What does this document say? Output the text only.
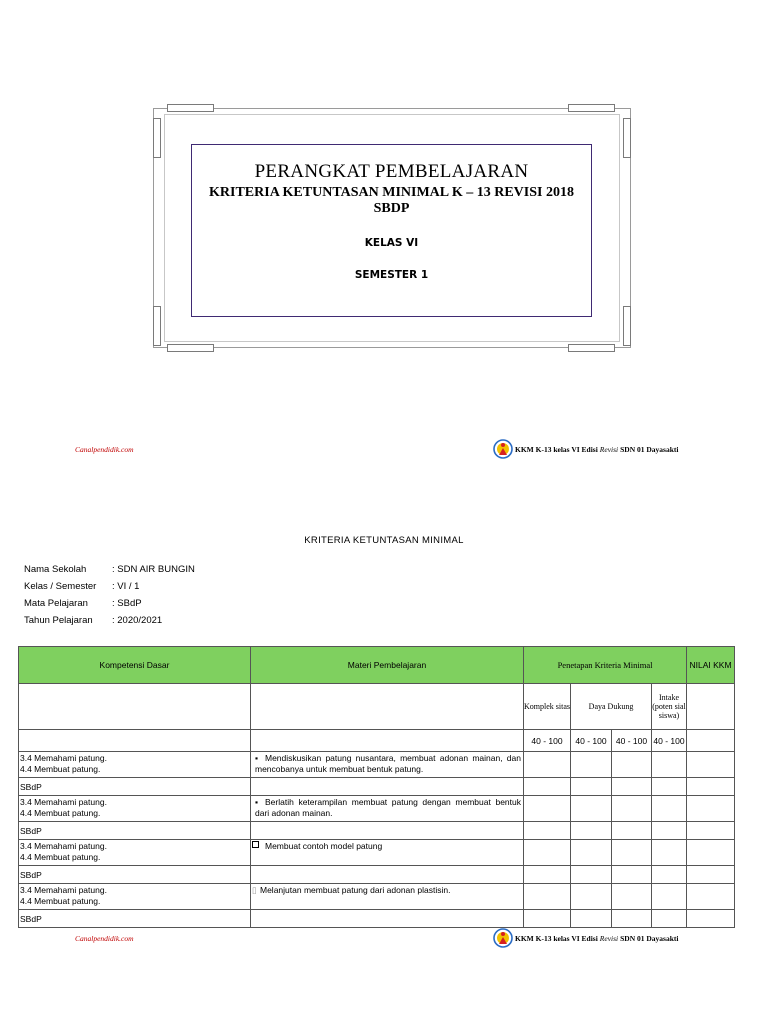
PERANGKAT PEMBELAJARAN
KRITERIA KETUNTASAN MINIMAL K – 13 REVISI 2018
SBDP
KELAS VI
SEMESTER 1
Canalpendidik.com	KKM K-13 kelas VI Edisi Revisi SDN 01 Dayasakti
KRITERIA KETUNTASAN MINIMAL
Nama Sekolah	: SDN AIR BUNGIN
Kelas / Semester	: VI / 1
Mata Pelajaran	: SBdP
Tahun Pelajaran	: 2020/2021
Kompetensi Dasar	Materi Pembelajaran	Penetapan Kriteria Minimal				NILAI KKM
		Komplek sitas	Daya Dukung		Intake (poten sial siswa)	
		40 - 100	40 - 100	40 - 100	40 - 100	

3.4 Memahami patung.
4.4 Membuat patung.	▪ Mendiskusikan patung nusantara, membuat adonan mainan, dan mencobanya untuk membuat bentuk patung.					
SBdP						

3.4 Memahami patung.
4.4 Membuat patung.	▪ Berlatih keterampilan membuat patung dengan membuat bentuk dari adonan mainan.					
SBdP						

3.4 Memahami patung.
4.4 Membuat patung.	Membuat contoh model patung					
SBdP						

3.4 Memahami patung.
4.4 Membuat patung.	▯ Melanjutan membuat patung dari adonan plastisin.					
SBdP						
Canalpendidik.com	KKM K-13 kelas VI Edisi Revisi SDN 01 Dayasakti
